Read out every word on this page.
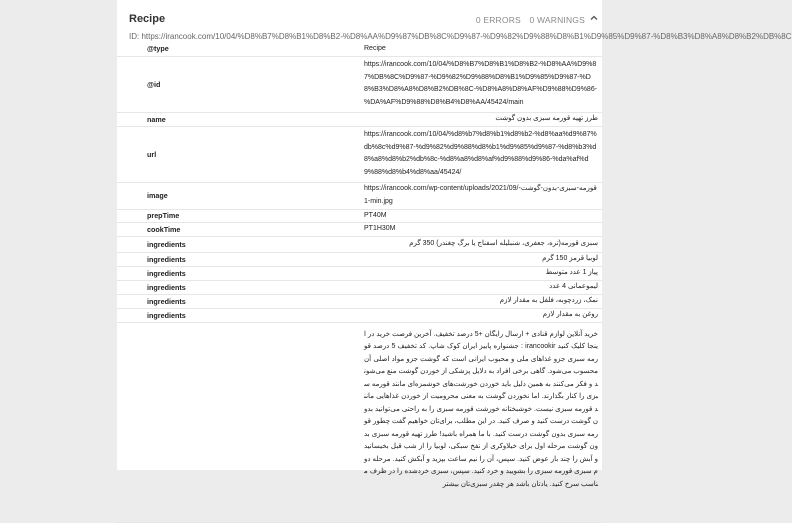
Recipe	0 ERRORS 0 WARNINGS
ID: https://irancook.com/10/04/%D8%B7%D8%B1%D8%B2-%D8%AA%D9%87%DB%8C%D9%87-%D9%82%D9%88%D8%B1%D9%85%D9%87-%D8%B3%D8%A8%D8%B2%DB%8C
@type	Recipe
@id	https://irancook.com/10/04/%D8%B7%D8%B1%D8%B2-%D8%AA%D9%87%DB%8C%D9%87-%D9%82%D9%88%D8%B1%D9%85%D9%87-%D8%B3%D8%A8%D8%B2%DB%8C-%D8%A8%D8%AF%D9%88%D9%86-%DA%AF%D9%88%D8%B4%D8%AA/45424/main
name	طرز تهیه قورمه سبزی بدون گوشت
url	https://irancook.com/10/04/%d8%b7%d8%b1%d8%b2-%d8%aa%d9%87%db%8c%d9%87-%d9%82%d9%88%d8%b1%d9%85%d9%87-%d8%b3%d8%a8%d8%b2%db%8c-%d8%a8%d8%af%d9%88%d9%86-%da%af%d9%88%d8%b4%d8%aa/45424/
image	https://irancook.com/wp-content/uploads/2021/09/قورمه-سبزی-بدون-گوشت-1-min.jpg
prepTime	PT40M
cookTime	PT1H30M
ingredients	سبزی قورمه(تره، جعفری، شنبلیله اسفناج یا برگ چغندر) 350 گرم
ingredients	لوبیا قرمز 150 گرم
ingredients	پیاز 1 عدد متوسط
ingredients	لیموعمانی 4 عدد
ingredients	نمک، زردچوبه، فلفل به مقدار لازم
ingredients	روغن به مقدار لازم
	خرید آنلاین لوازم قنادی + ارسال رایگان +5 درصد تخفیف. آخرین فرصت خرید در اینجا کلیک کنید irancookir : جشنواره پاییز ایران کوک شاپ. کد تخفیف 5 درصد قورمه سبزی جزو غذاهای ملی و محبوب ایرانی است که گوشت جزو مواد اصلی آن محسوب می‌شود. گاهی برخی افراد به دلایل پزشکی از خوردن گوشت منع می‌شوند و فکر می‌کنند به همین دلیل باید خوردن خورشت‌های خوشمزه‌ای مانند قورمه سبزی را کنار بگذارند. اما نخوردن گوشت به معنی محرومیت از خوردن غذاهایی مانند قورمه سبزی نیست. خوشبختانه خورشت قورمه سبزی را به راحتی می‌توانید بدون گوشت درست کنید و صرف کنید. در این مطلب، برای‌تان خواهیم گفت چطور قورمه سبزی بدون گوشت درست کنید. با ما همراه باشید! طرز تهیه قورمه سبزی بدون گوشت مرحله اول برای خیلاوکری از نفخ سبکی، لوبیا را از شب قبل بخیسانید و آبش را چند بار عوض کنید. سپس، آن را نیم ساعت بپزید و آبکش کنید. مرحله دوم سبزی قورمه سبزی را بشویید و خرد کنید. سپس، سبزی خردشده را در ظرف مناسب سرخ کنید. یادتان باشد هر چقدر سبزی‌تان بیشتر
